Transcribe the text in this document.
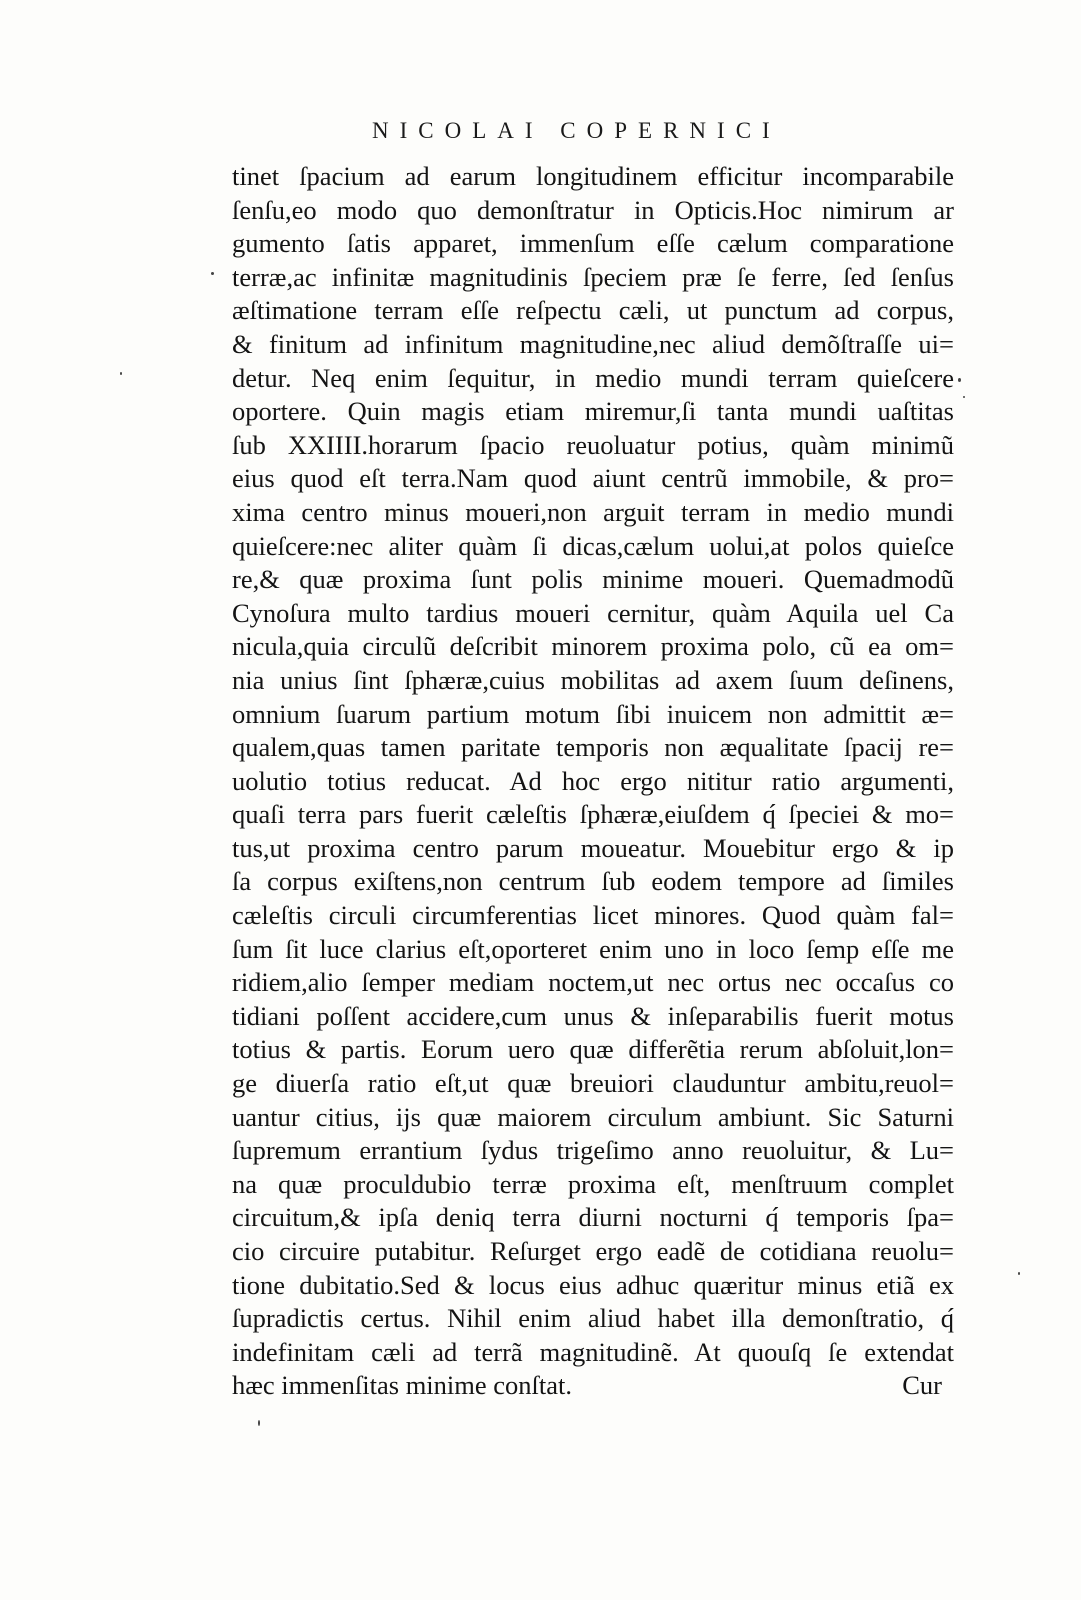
NICOLAI COPERNICI
tinet ſpacium ad earum longitudinem efficitur incomparabile
ſenſu,eo modo quo demonſtratur in Opticis.Hoc nimirum ar
gumento ſatis apparet, immenſum eſſe cælum comparatione
terræ,ac infinitæ magnitudinis ſpeciem præ ſe ferre, ſed ſenſus
æſtimatione terram eſſe reſpectu cæli, ut punctum ad corpus,
& finitum ad infinitum magnitudine,nec aliud demõſtraſſe ui=
detur. Neq enim ſequitur, in medio mundi terram quieſcere
oportere. Quin magis etiam miremur,ſi tanta mundi uaſtitas
ſub XXIIII.horarum ſpacio reuoluatur potius, quàm minimũ
eius quod eſt terra.Nam quod aiunt centrũ immobile, & pro=
xima centro minus moueri,non arguit terram in medio mundi
quieſcere:nec aliter quàm ſi dicas,cælum uolui,at polos quieſce
re,& quæ proxima ſunt polis minime moueri. Quemadmodũ
Cynoſura multo tardius moueri cernitur, quàm Aquila uel Ca
nicula,quia circulũ deſcribit minorem proxima polo, cũ ea om=
nia unius ſint ſphæræ,cuius mobilitas ad axem ſuum deſinens,
omnium ſuarum partium motum ſibi inuicem non admittit æ=
qualem,quas tamen paritate temporis non æqualitate ſpacij re=
uolutio totius reducat. Ad hoc ergo nititur ratio argumenti,
quaſi terra pars fuerit cæleſtis ſphæræ,eiuſdem q́ ſpeciei & mo=
tus,ut proxima centro parum moueatur. Mouebitur ergo & ip
ſa corpus exiſtens,non centrum ſub eodem tempore ad ſimiles
cæleſtis circuli circumferentias licet minores. Quod quàm fal=
ſum ſit luce clarius eſt,oporteret enim uno in loco ſemp eſſe me
ridiem,alio ſemper mediam noctem,ut nec ortus nec occaſus co
tidiani poſſent accidere,cum unus & inſeparabilis fuerit motus
totius & partis. Eorum uero quæ differẽtia rerum abſoluit,lon=
ge diuerſa ratio eſt,ut quæ breuiori clauduntur ambitu,reuol=
uantur citius, ijs quæ maiorem circulum ambiunt. Sic Saturni
ſupremum errantium ſydus trigeſimo anno reuoluitur, & Lu=
na quæ proculdubio terræ proxima eſt, menſtruum complet
circuitum,& ipſa deniq terra diurni nocturni q́ temporis ſpa=
cio circuire putabitur. Reſurget ergo eadẽ de cotidiana reuolu=
tione dubitatio.Sed & locus eius adhuc quæritur minus etiã ex
ſupradictis certus. Nihil enim aliud habet illa demonſtratio, q́
indefinitam cæli ad terrã magnitudinẽ. At quouſq ſe extendat
hæc immenſitas minime conſtat.	Cur
